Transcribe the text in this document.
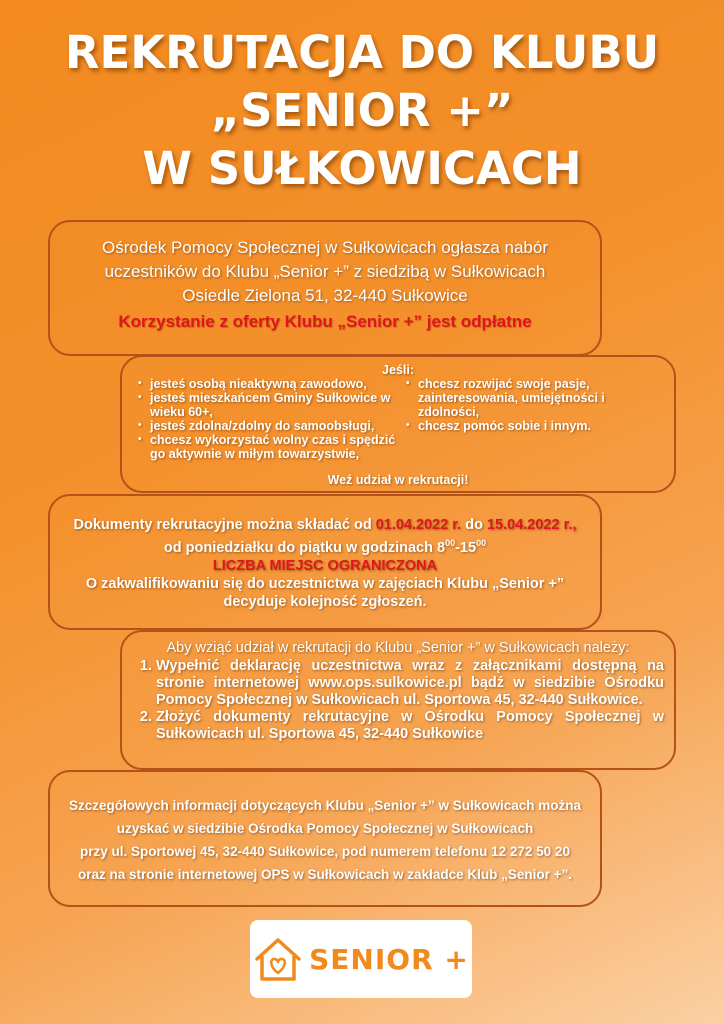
REKRUTACJA DO KLUBU
„SENIOR +”
W SUŁKOWICACH
Ośrodek Pomocy Społecznej w Sułkowicach ogłasza nabór
uczestników do Klubu „Senior +” z siedzibą w Sułkowicach
Osiedle Zielona 51, 32-440 Sułkowice
Korzystanie z oferty Klubu „Senior +” jest odpłatne
Jeśli:
• jesteś osobą nieaktywną zawodowo,
• jesteś mieszkańcem Gminy Sułkowice w wieku 60+,
• jesteś zdolna/zdolny do samoobsługi,
• chcesz wykorzystać wolny czas i spędzić go aktywnie w miłym towarzystwie,
• chcesz rozwijać swoje pasje, zainteresowania, umiejętności i zdolności,
• chcesz pomóc sobie i innym.
Weź udział w rekrutacji!
Dokumenty rekrutacyjne można składać od 01.04.2022 r. do 15.04.2022 r.,
od poniedziałku do piątku w godzinach $8^{00}-15^{00}$
LICZBA MIEJSC OGRANICZONA
O zakwalifikowaniu się do uczestnictwa w zajęciach Klubu „Senior +”
decyduje kolejność zgłoszeń.
Aby wziąć udział w rekrutacji do Klubu „Senior +” w Sułkowicach należy:
1. Wypełnić deklarację uczestnictwa wraz z załącznikami dostępną na stronie internetowej www.ops.sulkowice.pl bądź w siedzibie Ośrodku Pomocy Społecznej w Sułkowicach ul. Sportowa 45, 32-440 Sułkowice.
2. Złożyć dokumenty rekrutacyjne w Ośrodku Pomocy Społecznej w Sułkowicach ul. Sportowa 45, 32-440 Sułkowice
Szczegółowych informacji dotyczących Klubu „Senior +” w Sułkowicach można
uzyskać w siedzibie Ośrodka Pomocy Społecznej w Sułkowicach
przy ul. Sportowej 45, 32-440 Sułkowice, pod numerem telefonu 12 272 50 20
oraz na stronie internetowej OPS w Sułkowicach w zakładce Klub „Senior +”.
SENIOR +
